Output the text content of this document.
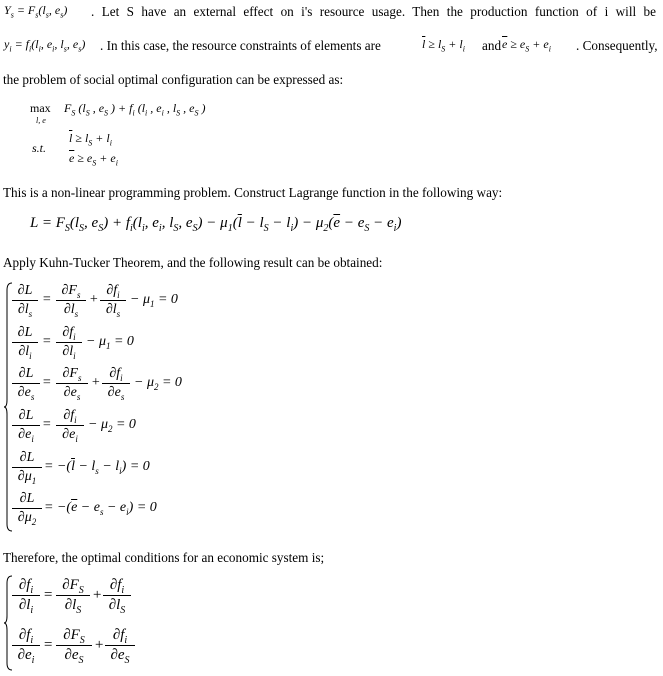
$Y_s = F_s(l_s$, $e_s$) . Let S have an external effect on i's resource usage. Then the production function of i will be
$y_i = f_i(l_i$, $e_i$, $l_s$, $e_s$) . In this case, the resource constraints of elements are	$\overline{l} \ge l_S + l_i$ and $\overline{e} \ge e_S + e_i$ . Consequently,
the problem of social optimal configuration can be expressed as:
max
l, e
$F_S$ ($l_S$ , $e_S$ ) + $f_i$ ($l_i$ , $e_i$ , $l_S$ , $e_S$ )
s.t.
$\overline{l} \ge l_S + l_i$
$\overline{e} \ge e_S + e_i$
This is a non-linear programming problem. Construct Lagrange function in the following way:
$L = F_S(l_S$, $e_S) + f_i(l_i$, $e_i$, $l_S$, $e_S) - \mu_1(\overline{l} - l_S - l_i) - \mu_2(\overline{e} - e_S - e_i)$
Apply Kuhn-Tucker Theorem, and the following result can be obtained:
∂L
$\partial l_s$
=
$\partial F_s$
$\partial l_s$
+
$\partial f_i$
$\partial l_s$
− $\mu_1 = 0$
∂L
$\partial l_i$
=
$\partial f_i$
$\partial l_i$
− $\mu_1 = 0$
∂L
$\partial e_s$
=
$\partial F_s$
$\partial e_s$
+
$\partial f_i$
$\partial e_s$
− $\mu_2 = 0$
∂L
$\partial e_i$
=
$\partial f_i$
$\partial e_i$
− $\mu_2 = 0$
∂L
$\partial\mu_1$
= $-(\overline{l} - l_s - l_i) = 0$
∂L
$\partial\mu_2$
= $-(\overline{e} - e_s - e_i) = 0$
Therefore, the optimal conditions for an economic system is;
$\partial f_i$
$\partial l_i$
=
$\partial F_S$
$\partial l_S$
+
$\partial f_i$
$\partial l_S$
$\partial f_i$
$\partial e_i$
=
$\partial F_S$
$\partial e_S$
+
$\partial f_i$
$\partial e_S$
